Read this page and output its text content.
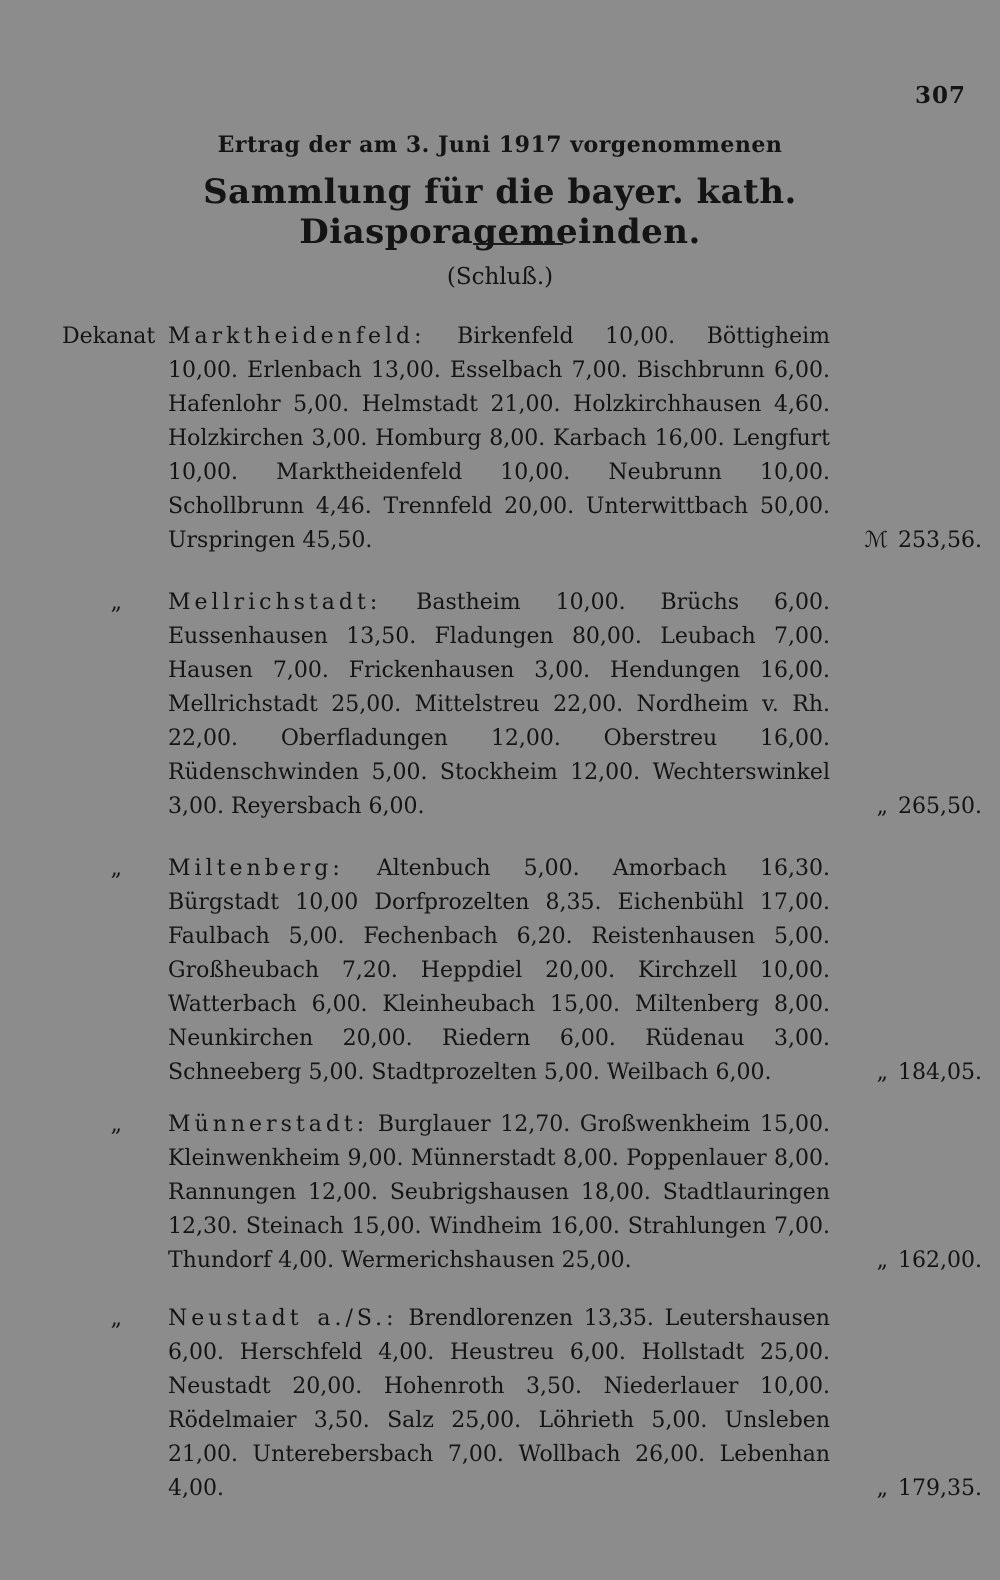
307
Ertrag der am 3. Juni 1917 vorgenommenen
Sammlung für die bayer. kath. Diasporagemeinden.
(Schluß.)
Dekanat Marktheidenfeld: Birkenfeld 10,00. Böttigheim 10,00. Erlenbach 13,00. Esselbach 7,00. Bischbrunn 6,00. Hafenlohr 5,00. Helmstadt 21,00. Holzkirchhausen 4,60. Holzkirchen 3,00. Homburg 8,00. Karbach 16,00. Lengfurt 10,00. Marktheidenfeld 10,00. Neubrunn 10,00. Schollbrunn 4,46. Trennfeld 20,00. Unterwittbach 50,00. Urspringen 45,50.	ℳ 253,56.
„ Mellrichstadt: Bastheim 10,00. Brüchs 6,00. Eussenhausen 13,50. Fladungen 80,00. Leubach 7,00. Hausen 7,00. Frickenhausen 3,00. Hendungen 16,00. Mellrichstadt 25,00. Mittelstreu 22,00. Nordheim v. Rh. 22,00. Oberfladungen 12,00. Oberstreu 16,00. Rüdenschwinden 5,00. Stockheim 12,00. Wechterswinkel 3,00. Reyersbach 6,00.	„ 265,50.
„ Miltenberg: Altenbuch 5,00. Amorbach 16,30. Bürgstadt 10,00 Dorfprozelten 8,35. Eichenbühl 17,00. Faulbach 5,00. Fechenbach 6,20. Reistenhausen 5,00. Großheubach 7,20. Heppdiel 20,00. Kirchzell 10,00. Watterbach 6,00. Kleinheubach 15,00. Miltenberg 8,00. Neunkirchen 20,00. Riedern 6,00. Rüdenau 3,00. Schneeberg 5,00. Stadtprozelten 5,00. Weilbach 6,00.	„ 184,05.
„ Münnerstadt: Burglauer 12,70. Großwenkheim 15,00. Kleinwenkheim 9,00. Münnerstadt 8,00. Poppenlauer 8,00. Rannungen 12,00. Seubrigshausen 18,00. Stadtlauringen 12,30. Steinach 15,00. Windheim 16,00. Strahlungen 7,00. Thundorf 4,00. Wermerichshausen 25,00.	„ 162,00.
„ Neustadt a./S.: Brendlorenzen 13,35. Leutershausen 6,00. Herschfeld 4,00. Heustreu 6,00. Hollstadt 25,00. Neustadt 20,00. Hohenroth 3,50. Niederlauer 10,00. Rödelmaier 3,50. Salz 25,00. Löhrieth 5,00. Unsleben 21,00. Unterebersbach 7,00. Wollbach 26,00. Lebenhan 4,00.	„ 179,35.
